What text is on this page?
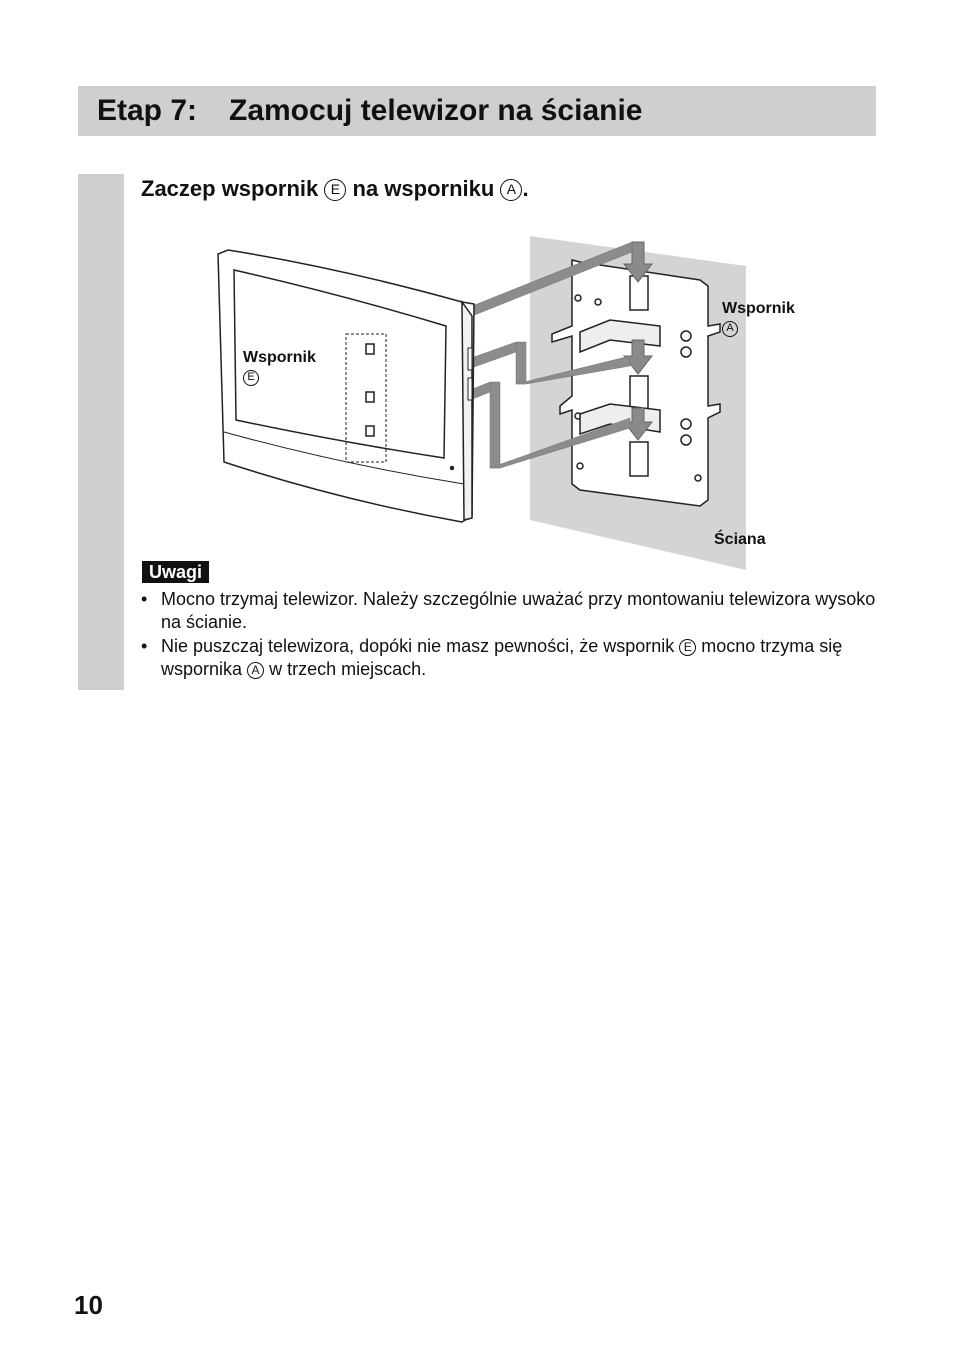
Etap 7: Zamocuj telewizor na ścianie
Zaczep wspornik E na wsporniku A .
Wspornik
E
Wspornik A
Ściana
Uwagi
• Mocno trzymaj telewizor. Należy szczególnie uważać przy montowaniu telewizora wysoko na ścianie.
• Nie puszczaj telewizora, dopóki nie masz pewności, że wspornik E mocno trzyma się wspornika A w trzech miejscach.
10
